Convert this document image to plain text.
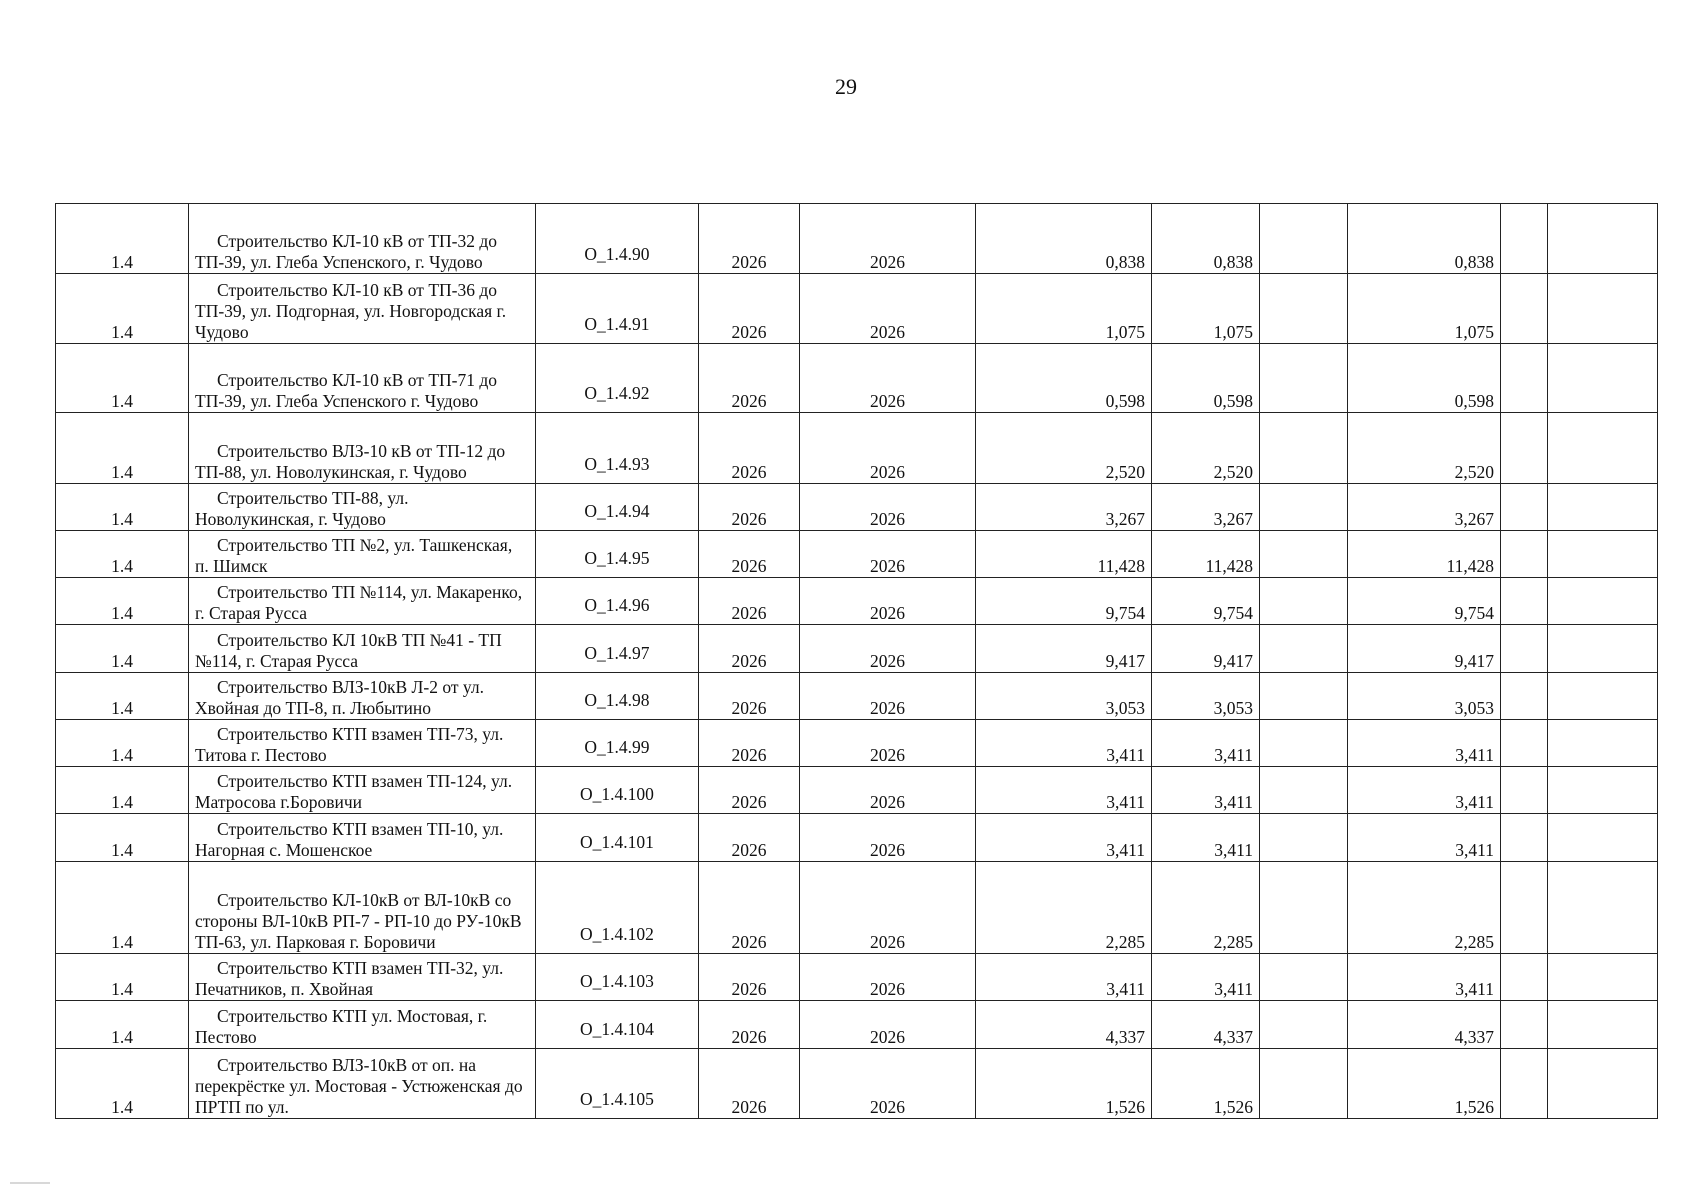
29
1.4	Строительство КЛ-10 кВ от ТП-32 до ТП-39, ул. Глеба Успенского, г. Чудово	О_1.4.90	2026	2026	0,838	0,838		0,838		
1.4	Строительство КЛ-10 кВ от ТП-36 до ТП-39, ул. Подгорная, ул. Новгородская г. Чудово	О_1.4.91	2026	2026	1,075	1,075		1,075		
1.4	Строительство КЛ-10 кВ от ТП-71 до ТП-39, ул. Глеба Успенского г. Чудово	О_1.4.92	2026	2026	0,598	0,598		0,598		
1.4	Строительство ВЛЗ-10 кВ от ТП-12 до ТП-88, ул. Новолукинская, г. Чудово	О_1.4.93	2026	2026	2,520	2,520		2,520		
1.4	Строительство ТП-88, ул. Новолукинская, г. Чудово	О_1.4.94	2026	2026	3,267	3,267		3,267		
1.4	Строительство ТП №2, ул. Ташкенская, п. Шимск	О_1.4.95	2026	2026	11,428	11,428		11,428		
1.4	Строительство ТП №114, ул. Макаренко, г. Старая Русса	О_1.4.96	2026	2026	9,754	9,754		9,754		
1.4	Строительство КЛ 10кВ ТП №41 - ТП №114, г. Старая Русса	О_1.4.97	2026	2026	9,417	9,417		9,417		
1.4	Строительство ВЛЗ-10кВ Л-2 от ул. Хвойная до ТП-8, п. Любытино	О_1.4.98	2026	2026	3,053	3,053		3,053		
1.4	Строительство КТП взамен ТП-73, ул. Титова г. Пестово	О_1.4.99	2026	2026	3,411	3,411		3,411		
1.4	Строительство КТП взамен ТП-124, ул. Матросова г.Боровичи	О_1.4.100	2026	2026	3,411	3,411		3,411		
1.4	Строительство КТП взамен ТП-10, ул. Нагорная с. Мошенское	О_1.4.101	2026	2026	3,411	3,411		3,411		
1.4	Строительство КЛ-10кВ от ВЛ-10кВ со стороны ВЛ-10кВ РП-7 - РП-10 до РУ-10кВ ТП-63, ул. Парковая г. Боровичи	О_1.4.102	2026	2026	2,285	2,285		2,285		
1.4	Строительство КТП взамен ТП-32, ул. Печатников, п. Хвойная	О_1.4.103	2026	2026	3,411	3,411		3,411		
1.4	Строительство КТП ул. Мостовая, г. Пестово	О_1.4.104	2026	2026	4,337	4,337		4,337		
1.4	Строительство ВЛЗ-10кВ от оп. на перекрёстке ул. Мостовая - Устюженская до ПРТП по ул.	О_1.4.105	2026	2026	1,526	1,526		1,526		
